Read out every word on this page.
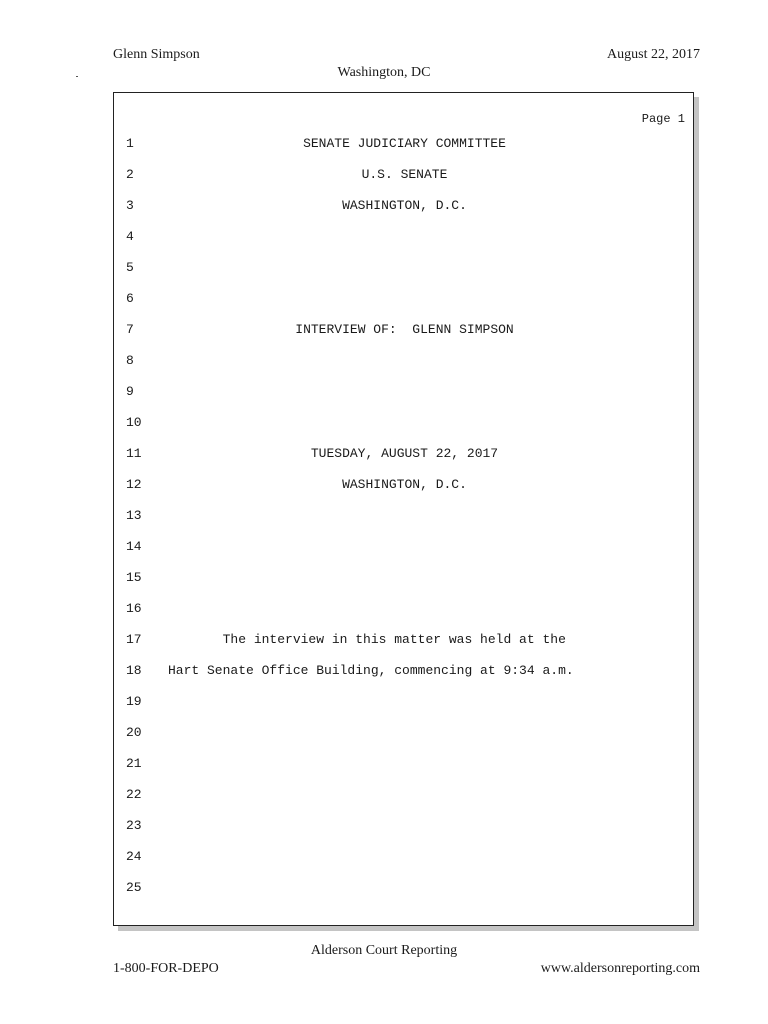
Glenn Simpson	August 22, 2017
Washington, DC
Page 1
1	SENATE JUDICIARY COMMITTEE
2	U.S. SENATE
3	WASHINGTON, D.C.
4
5
6
7	INTERVIEW OF:  GLENN SIMPSON
8
9
10
11	TUESDAY, AUGUST 22, 2017
12	WASHINGTON, D.C.
13
14
15
16
17 The interview in this matter was held at the
18 Hart Senate Office Building, commencing at 9:34 a.m.
19
20
21
22
23
24
25
Alderson Court Reporting
1-800-FOR-DEPO	www.aldersonreporting.com
